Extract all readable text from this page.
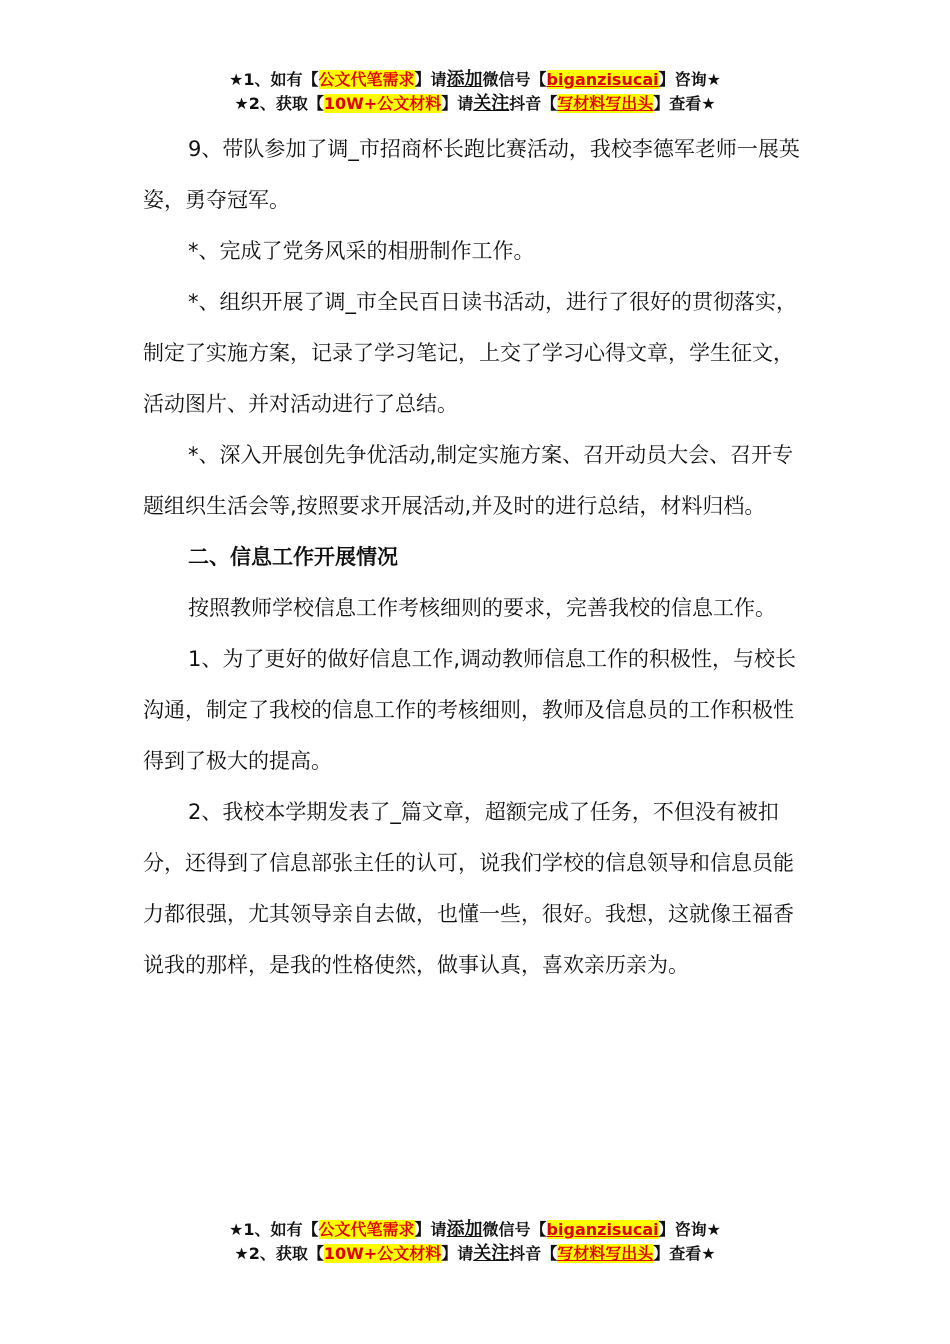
★1、如有【公文代笔需求】请添加微信号【biganzisucai】咨询★
★2、获取【10W+公文材料】请关注抖音【写材料写出头】查看★

9、带队参加了调_市招商杯长跑比赛活动，我校李德军老师一展英姿，勇夺冠军。

*、完成了党务风采的相册制作工作。

*、组织开展了调_市全民百日读书活动，进行了很好的贯彻落实，制定了实施方案，记录了学习笔记，上交了学习心得文章，学生征文，活动图片、并对活动进行了总结。

*、深入开展创先争优活动,制定实施方案、召开动员大会、召开专题组织生活会等,按照要求开展活动,并及时的进行总结，材料归档。

二、信息工作开展情况

按照教师学校信息工作考核细则的要求，完善我校的信息工作。

1、为了更好的做好信息工作,调动教师信息工作的积极性，与校长沟通，制定了我校的信息工作的考核细则，教师及信息员的工作积极性得到了极大的提高。

2、我校本学期发表了_篇文章，超额完成了任务，不但没有被扣分，还得到了信息部张主任的认可，说我们学校的信息领导和信息员能力都很强，尤其领导亲自去做，也懂一些，很好。我想，这就像王福香说我的那样，是我的性格使然，做事认真，喜欢亲历亲为。

★1、如有【公文代笔需求】请添加微信号【biganzisucai】咨询★
★2、获取【10W+公文材料】请关注抖音【写材料写出头】查看★
